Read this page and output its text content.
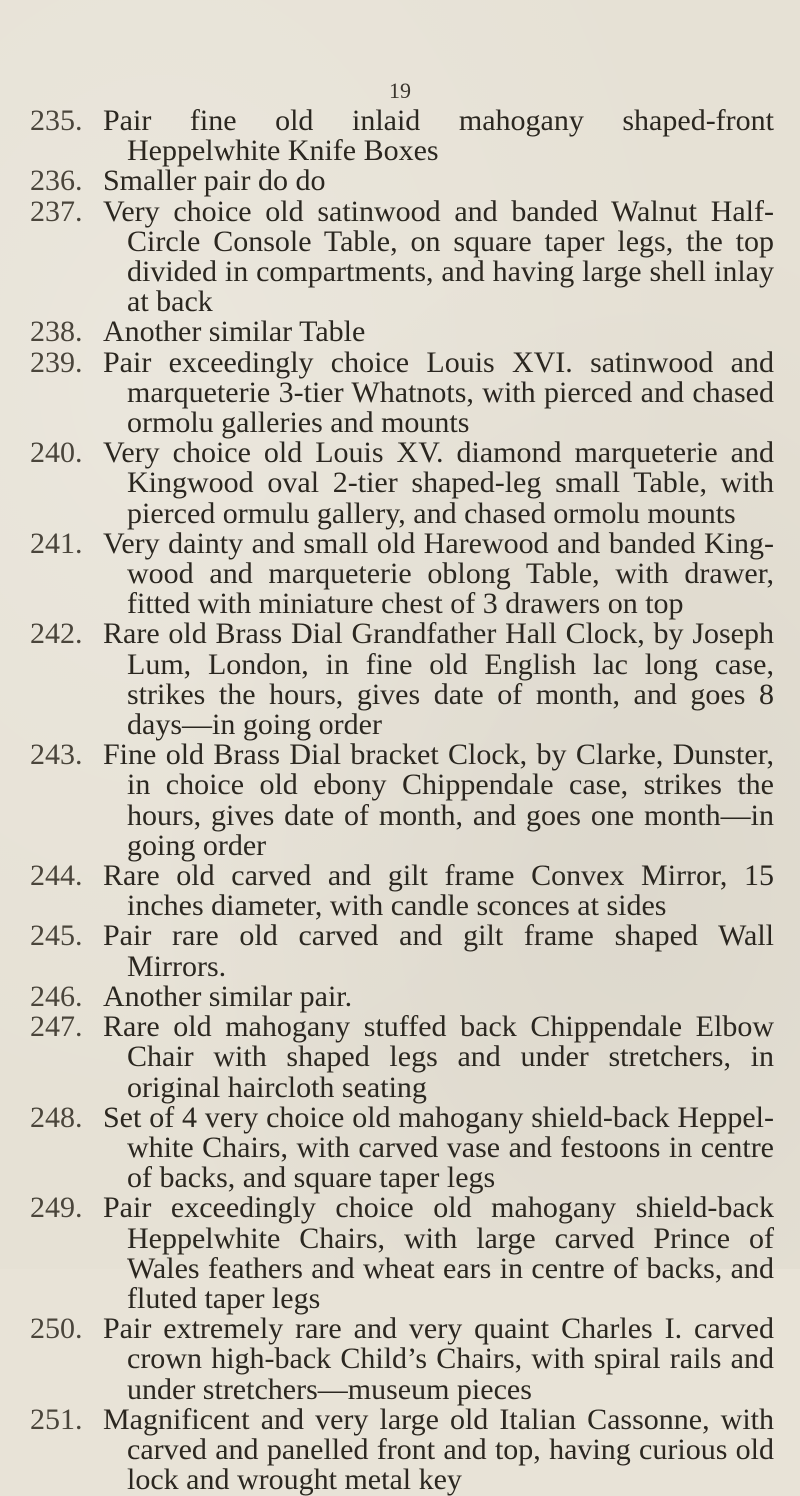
19
235. Pair fine old inlaid mahogany shaped-front Heppelwhite Knife Boxes
236. Smaller pair do do
237. Very choice old satinwood and banded Walnut Half-Circle Console Table, on square taper legs, the top divided in compartments, and having large shell inlay at back
238. Another similar Table
239. Pair exceedingly choice Louis XVI. satinwood and marqueterie 3-tier Whatnots, with pierced and chased ormolu galleries and mounts
240. Very choice old Louis XV. diamond marqueterie and Kingwood oval 2-tier shaped-leg small Table, with pierced ormulu gallery, and chased ormolu mounts
241. Very dainty and small old Harewood and banded King-wood and marqueterie oblong Table, with drawer, fitted with miniature chest of 3 drawers on top
242. Rare old Brass Dial Grandfather Hall Clock, by Joseph Lum, London, in fine old English lac long case, strikes the hours, gives date of month, and goes 8 days—in going order
243. Fine old Brass Dial bracket Clock, by Clarke, Dunster, in choice old ebony Chippendale case, strikes the hours, gives date of month, and goes one month—in going order
244. Rare old carved and gilt frame Convex Mirror, 15 inches diameter, with candle sconces at sides
245. Pair rare old carved and gilt frame shaped Wall Mirrors.
246. Another similar pair.
247. Rare old mahogany stuffed back Chippendale Elbow Chair with shaped legs and under stretchers, in original haircloth seating
248. Set of 4 very choice old mahogany shield-back Heppel-white Chairs, with carved vase and festoons in centre of backs, and square taper legs
249. Pair exceedingly choice old mahogany shield-back Heppelwhite Chairs, with large carved Prince of Wales feathers and wheat ears in centre of backs, and fluted taper legs
250. Pair extremely rare and very quaint Charles I. carved crown high-back Child’s Chairs, with spiral rails and under stretchers—museum pieces
251. Magnificent and very large old Italian Cassonne, with carved and panelled front and top, having curious old lock and wrought metal key
